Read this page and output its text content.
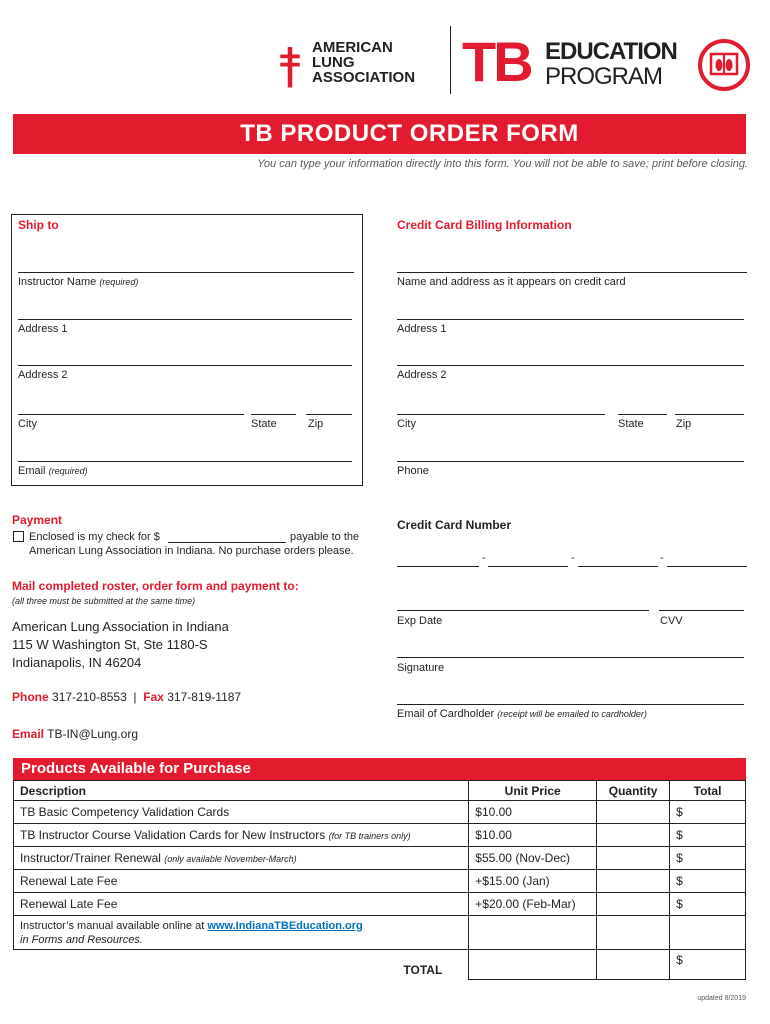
AMERICAN
LUNG
ASSOCIATION TB EDUCATION
PROGRAM
TB PRODUCT ORDER FORM
You can type your information directly into this form. You will not be able to save; print before closing.
Ship to
Instructor Name (required)
Address 1
Address 2
City	State	Zip
Email (required)
Credit Card Billing Information
Name and address as it appears on credit card
Address 1
Address 2
City	State	Zip
Phone
Credit Card Number
-	-	-
Exp Date	CVV
Signature
Email of Cardholder (receipt will be emailed to cardholder)
Payment
Enclosed is my check for $	payable to the
American Lung Association in Indiana. No purchase orders please.
Mail completed roster, order form and payment to:
(all three must be submitted at the same time)
American Lung Association in Indiana
115 W Washington St, Ste 1180-S
Indianapolis, IN 46204
Phone 317-210-8553 | Fax 317-819-1187
Email TB-IN@Lung.org
Products Available for Purchase
Description	Unit Price	Quantity	Total
TB Basic Competency Validation Cards	$10.00		$
TB Instructor Course Validation Cards for New Instructors (for TB trainers only)	$10.00		$
Instructor/Trainer Renewal (only available November-March)	$55.00 (Nov-Dec)		$
Renewal Late Fee	+$15.00 (Jan)		$
Renewal Late Fee	+$20.00 (Feb-Mar)		$
Instructor’s manual available online at www.IndianaTBEducation.org
in Forms and Resources.			
TOTAL			$
updated 8/2019
